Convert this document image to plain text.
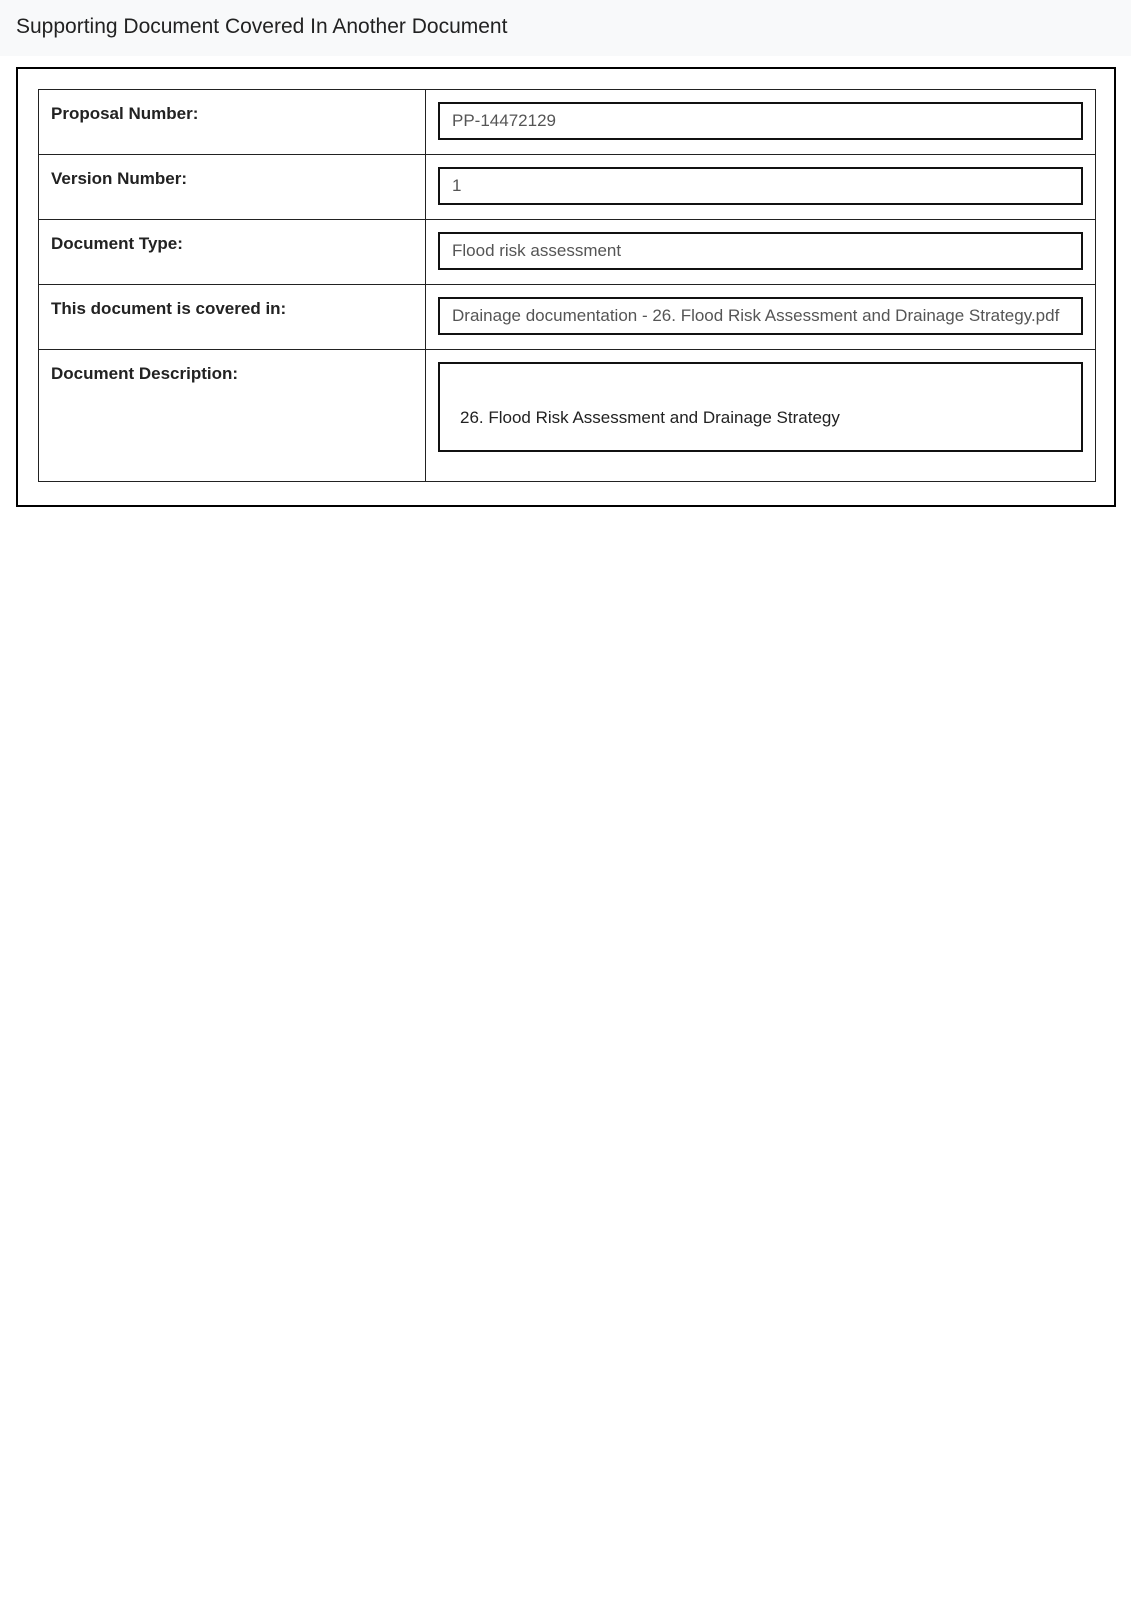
Supporting Document Covered In Another Document
Proposal Number:	PP-14472129

Version Number:	1

Document Type:	Flood risk assessment

This document is covered in:	Drainage documentation - 26. Flood Risk Assessment and Drainage Strategy.pdf

Document Description:	26. Flood Risk Assessment and Drainage Strategy
